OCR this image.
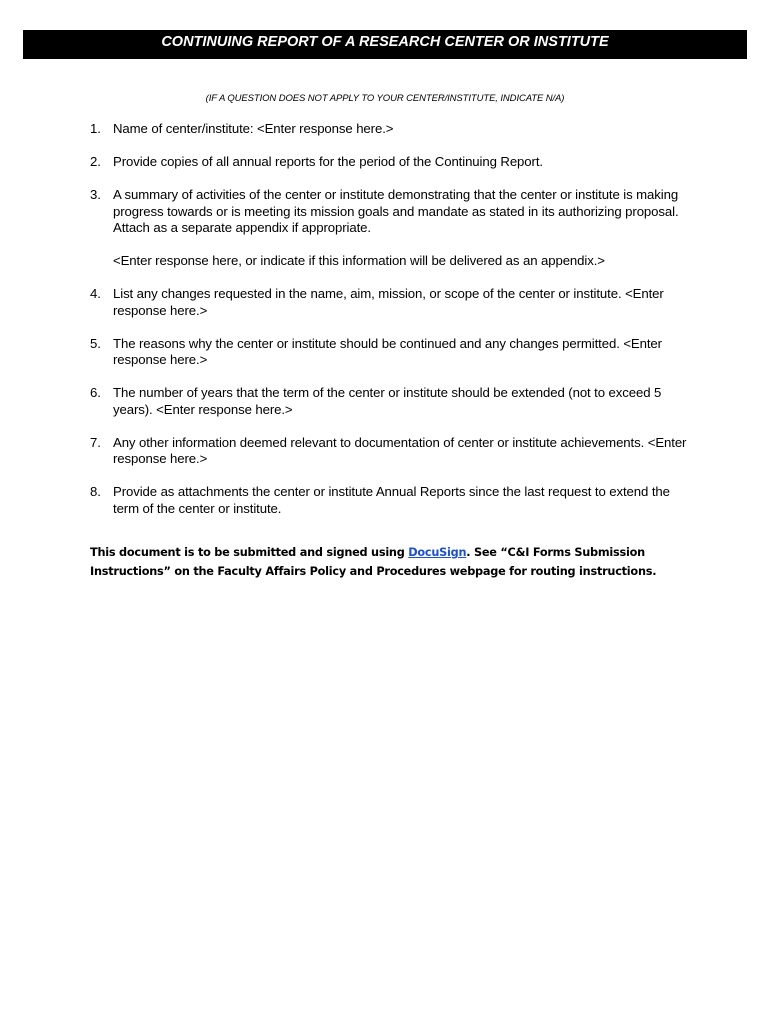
CONTINUING REPORT OF A RESEARCH CENTER OR INSTITUTE
(IF A QUESTION DOES NOT APPLY TO YOUR CENTER/INSTITUTE, INDICATE N/A)
1. Name of center/institute: <Enter response here.>
2. Provide copies of all annual reports for the period of the Continuing Report.
3. A summary of activities of the center or institute demonstrating that the center or institute is making progress towards or is meeting its mission goals and mandate as stated in its authorizing proposal. Attach as a separate appendix if appropriate.
<Enter response here, or indicate if this information will be delivered as an appendix.>
4. List any changes requested in the name, aim, mission, or scope of the center or institute. <Enter response here.>
5. The reasons why the center or institute should be continued and any changes permitted. <Enter response here.>
6. The number of years that the term of the center or institute should be extended (not to exceed 5 years). <Enter response here.>
7. Any other information deemed relevant to documentation of center or institute achievements. <Enter response here.>
8. Provide as attachments the center or institute Annual Reports since the last request to extend the term of the center or institute.
This document is to be submitted and signed using DocuSign. See “C&I Forms Submission Instructions” on the Faculty Affairs Policy and Procedures webpage for routing instructions.
